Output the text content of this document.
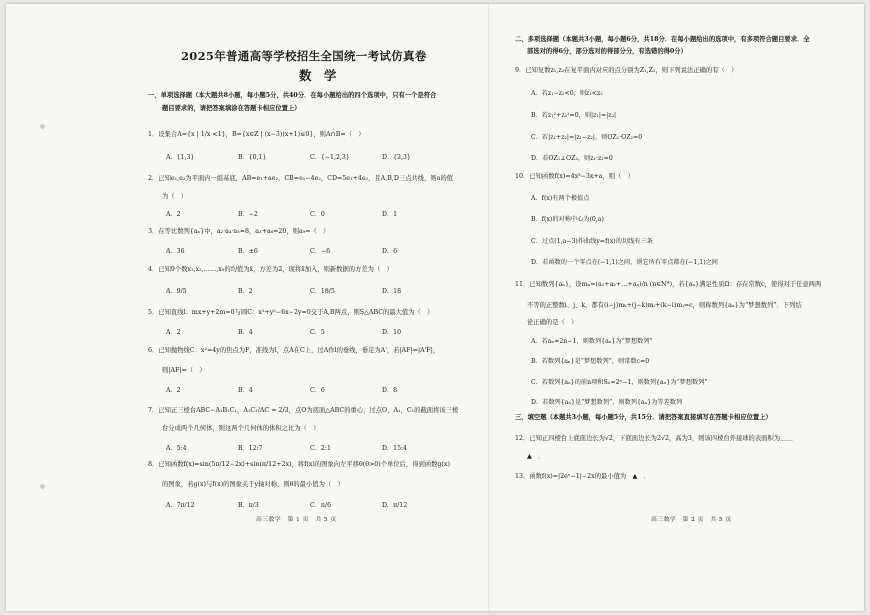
2025年普通高等学校招生全国统一考试仿真卷
数 学
一、单项选择题（本大题共8小题，每小题5分，共40分．在每小题给出的四个选项中，只有一个是符合
题目要求的，请把答案填涂在答题卡相应位置上）
1．设集合A={x | 1/x <1}，B={x∈Z | (x−3)(x+1)≤0}，则A∩B=（　）
A．{1,3}	B．{0,1}	C．{−1,2,3}	D．{2,3}
2．已知e₁,e₂为平面内一组基底，AB=e₁+ae₂，CB=e₁−4e₂，CD=5e₁+4e₂，且A,B,D三点共线，则a的值
为（　）
A．2	B．−2	C．0	D．1
3．在等比数列{aₙ}中，a₂·a₄·a₅=8，a₃+a₆=20，则a₉=（　）
A．36	B．±6	C．−6	D．6
4．已知9个数x₁,x₂,……,x₉的均值为x̄，方差为2，现将x̄加入，则新数据的方差为（　）
A．9/5	B．2	C．18/5	D．18
5．已知直线l：mx+y+2m=0与圆C：x²+y²−6x−2y=0交于A,B两点，则S△ABC的最大值为（　）
A．2	B．4	C．5	D．10
6．已知抛物线C：x²=4y的焦点为F，准线为l，点A在C上，过A作l的垂线，垂足为A'，若|AF|=|A'F|，
则|AF|=（　）
A．2	B．4	C．6	D．8
7．已知正三棱台ABC−A₁B₁C₁，A₁C₁/AC = 2/3，点O为底面△ABC的重心，过点O，A₁，C₁的截面将该三棱
台分成两个几何体，则这两个几何体的体积之比为（　）
A．5:4	B．12:7	C．2:1	D．15:4
8．已知函数f(x)=sin(5π/12−2x)+sin(π/12+2x)，将f(x)的图象向左平移θ(θ>0)个单位后，得到函数g(x)
的图象，若g(x)与f(x)的图象关于y轴对称，则θ的最小值为（　）
A．7π/12	B．π/3	C．π/6	D．π/12
高三数学　第 1 页　共 5 页
二、多项选择题（本题共3小题，每小题6分，共18分．在每小题给出的选项中，有多项符合题目要求．全
部选对的得6分，部分选对的得部分分，有选错的得0分）
9．已知复数z₁,z₂在复平面内对应的点分别为Z₁,Z₂，则下列说法正确的有（　）
A．若z₁−z₂<0，则z₁<z₂
B．若z₁²+z₂²=0，则|z₁|=|z₂|
C．若|z₁+z₂|=|z₁−z₂|，则OZ₁·OZ₂=0
D．若OZ₁⊥OZ₂，则z₁·z₂=0
10．已知函数f(x)=4x³−3x+a，则（　）
A．f(x)有两个极值点
B．f(x)的对称中心为(0,a)
C．过点(1,a−3)作曲线y=f(x)的切线有三条
D．若函数的一个零点在(−1,1)之间，则它所有零点都在(−1,1)之间
11．已知数列{aₙ}，设mₙ=(a₁+a₂+…+aₙ)/n (n∈N*)，若{aₙ}满足性质Ω：存在常数c，使得对于任意两两
不等的正整数i、j、k，都有(i−j)mₖ+(j−k)mᵢ+(k−i)mⱼ=c，则称数列{aₙ}为“梦想数列”．下列结
论正确的是（　）
A．若aₙ=2n−1，则数列{aₙ}为“梦想数列”
B．若数列{aₙ}是“梦想数列”，则常数c=0
C．若数列{aₙ}的前n项和Sₙ=2ⁿ−1，则数列{aₙ}为“梦想数列”
D．若数列{aₙ}是“梦想数列”，则数列{aₙ}为等差数列
三、填空题（本题共3小题，每小题5分，共15分．请把答案直接填写在答题卡相应位置上）
12．已知正四棱台上底面边长为√2，下底面边长为2√2，高为3，则该四棱台外接球的表面积为＿＿
▲　．
13．函数f(x)=|2eˣ−1|−2x的最小值为　▲　．
高三数学　第 2 页　共 5 页
